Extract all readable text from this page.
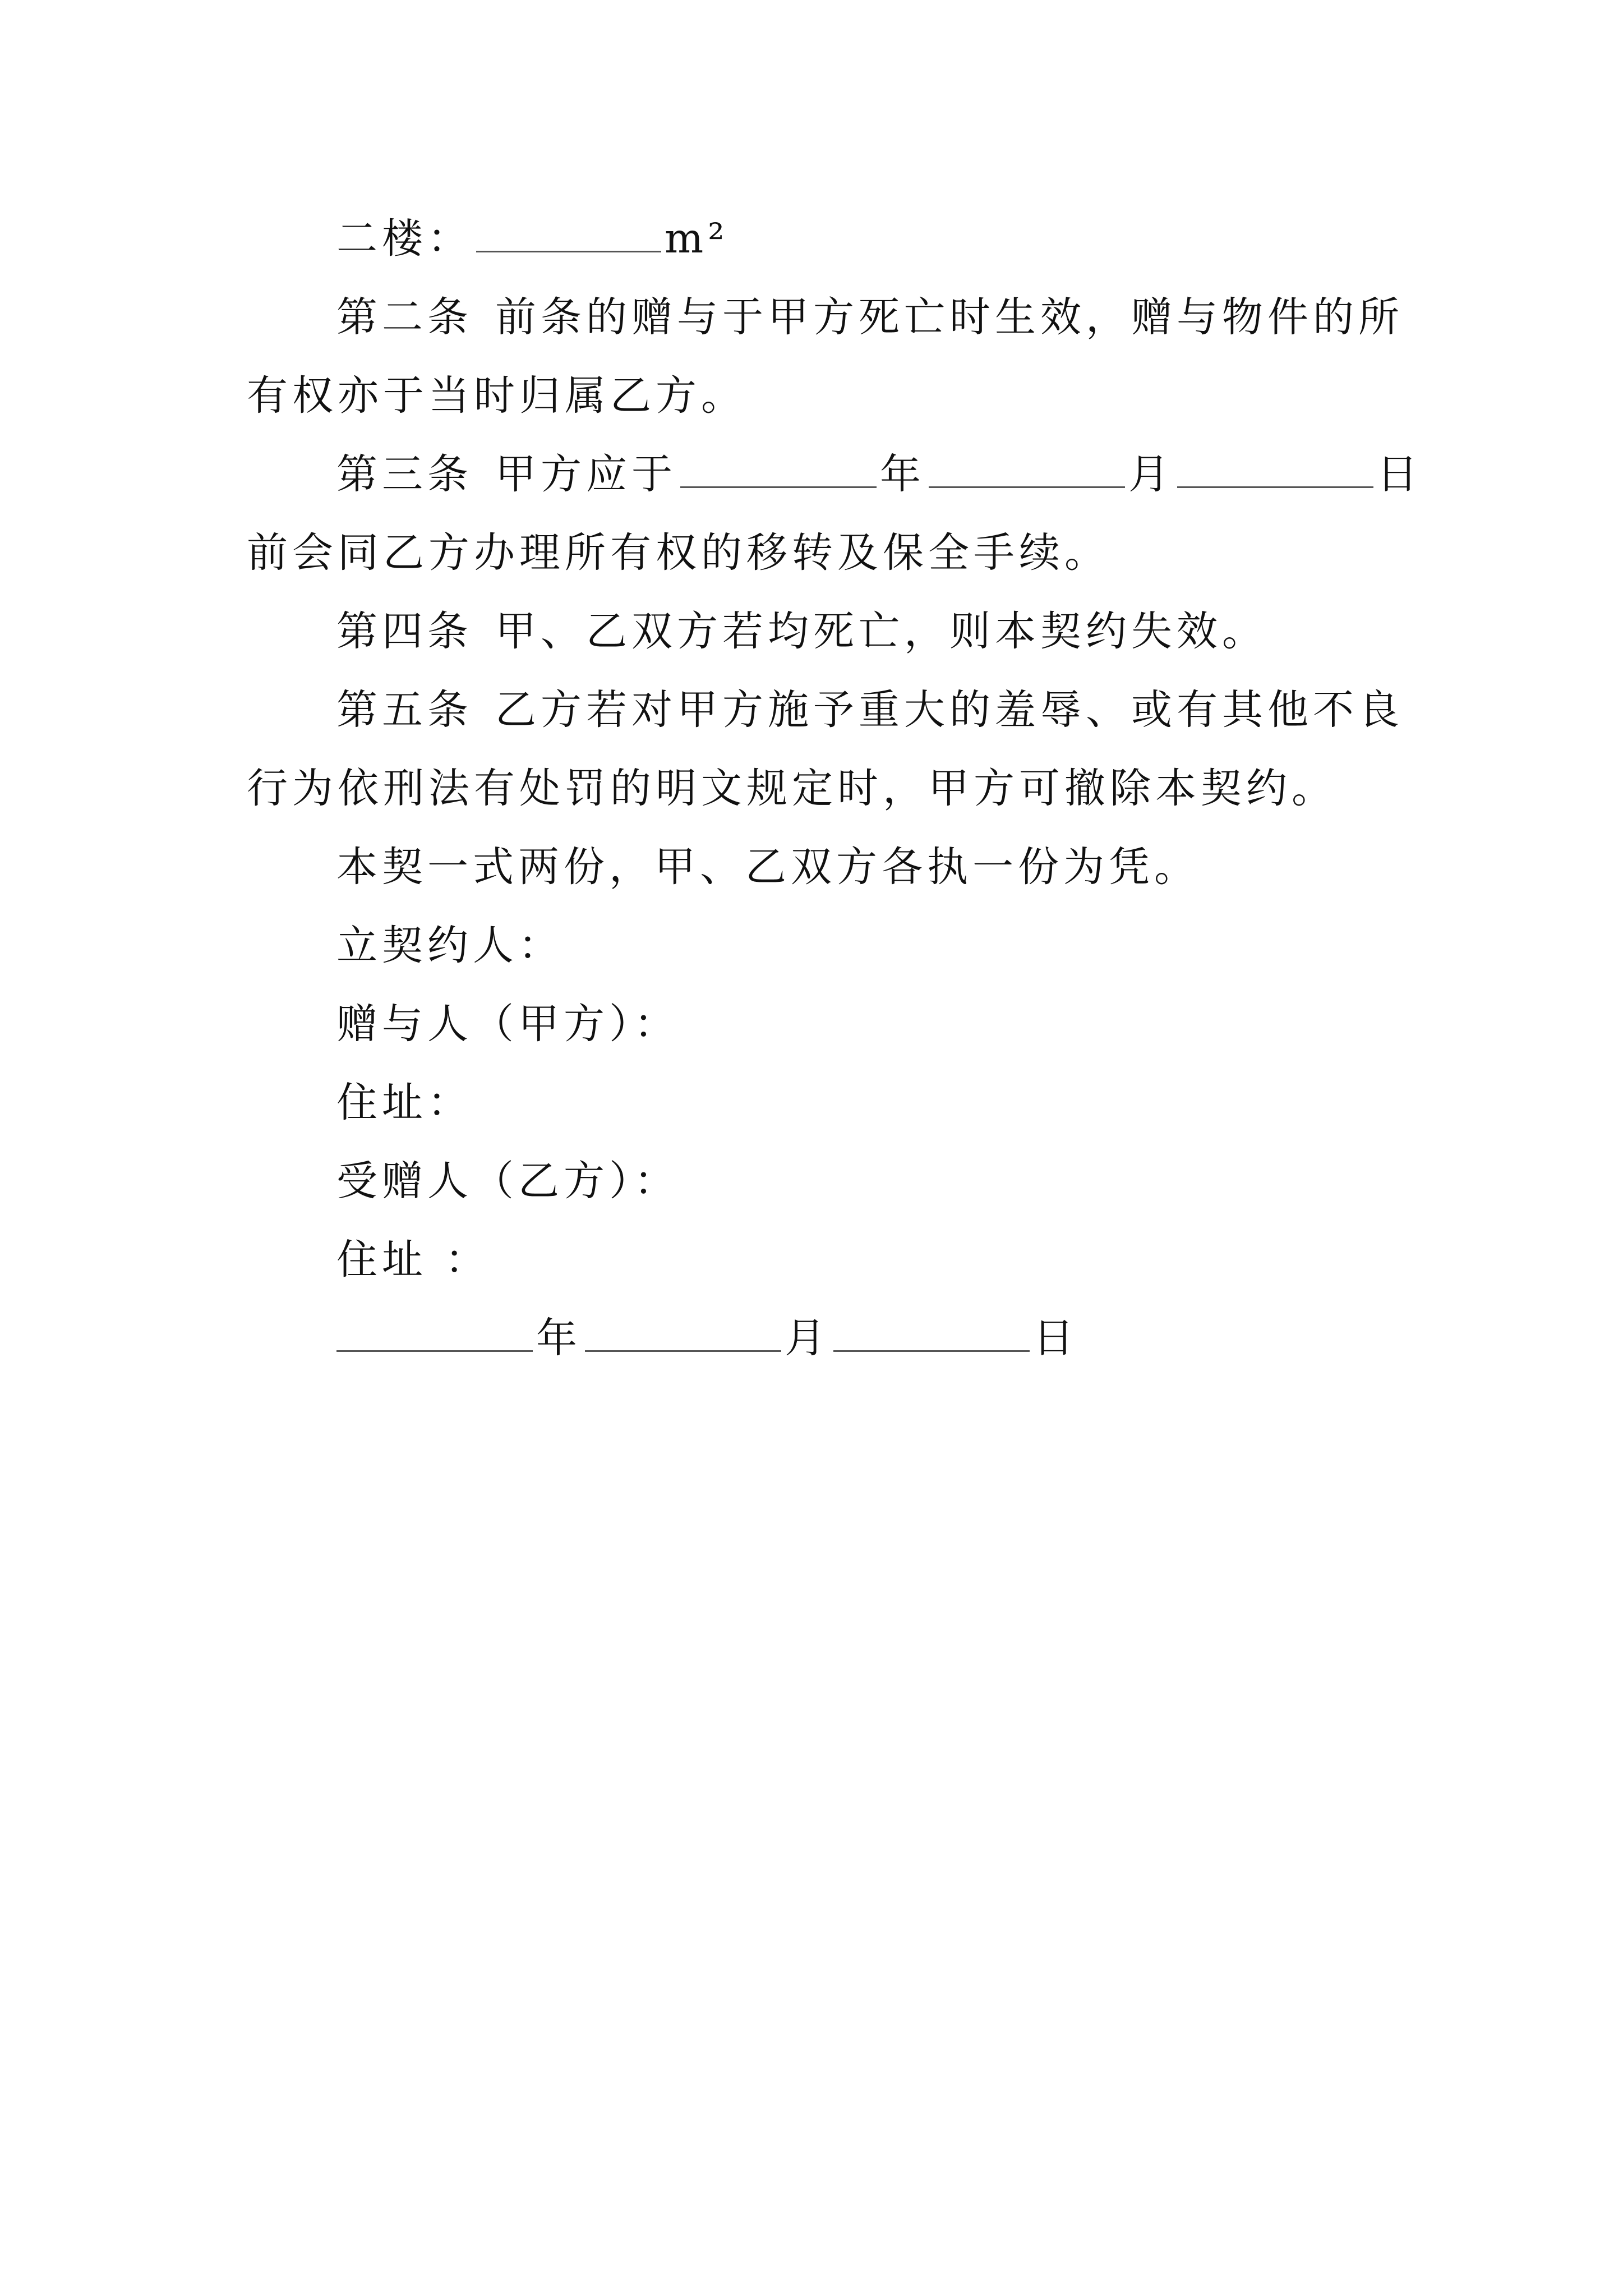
二楼：	m²
第二条 前条的赠与于甲方死亡时生效，赠与物件的所
有权亦于当时归属乙方。
第三条 甲方应于	年	月	日
前会同乙方办理所有权的移转及保全手续。
第四条 甲、乙双方若均死亡，则本契约失效。
第五条 乙方若对甲方施予重大的羞辱、或有其他不良
行为依刑法有处罚的明文规定时，甲方可撤除本契约。
本契一式两份，甲、乙双方各执一份为凭。
立契约人：
赠与人（甲方）：
住址：
受赠人（乙方）：
住址 ：
年	月	日
